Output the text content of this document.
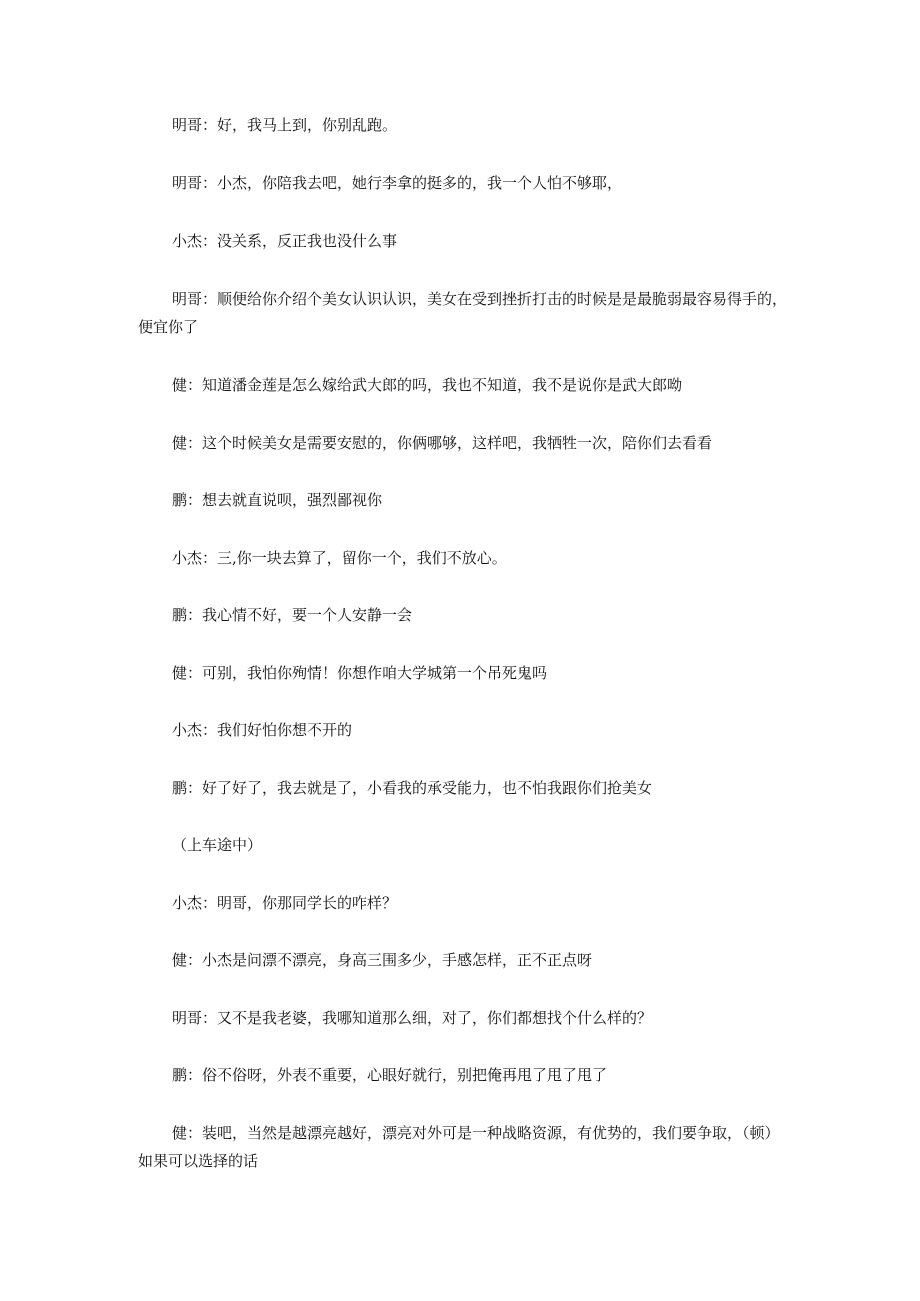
明哥：好，我马上到，你别乱跑。

明哥：小杰，你陪我去吧，她行李拿的挺多的，我一个人怕不够耶，

小杰：没关系，反正我也没什么事

明哥：顺便给你介绍个美女认识认识，美女在受到挫折打击的时候是是最脆弱最容易得手的，便宜你了

健：知道潘金莲是怎么嫁给武大郎的吗，我也不知道，我不是说你是武大郎呦

健：这个时候美女是需要安慰的，你俩哪够，这样吧，我牺牲一次，陪你们去看看

鹏：想去就直说呗，强烈鄙视你

小杰：三,你一块去算了，留你一个，我们不放心。

鹏：我心情不好，要一个人安静一会

健：可别，我怕你殉情！你想作咱大学城第一个吊死鬼吗

小杰：我们好怕你想不开的

鹏：好了好了，我去就是了，小看我的承受能力，也不怕我跟你们抢美女

（上车途中）

小杰：明哥，你那同学长的咋样？

健：小杰是问漂不漂亮，身高三围多少，手感怎样，正不正点呀

明哥：又不是我老婆，我哪知道那么细，对了，你们都想找个什么样的？

鹏：俗不俗呀，外表不重要，心眼好就行，别把俺再甩了甩了甩了

健：装吧，当然是越漂亮越好，漂亮对外可是一种战略资源，有优势的，我们要争取，（顿）如果可以选择的话
